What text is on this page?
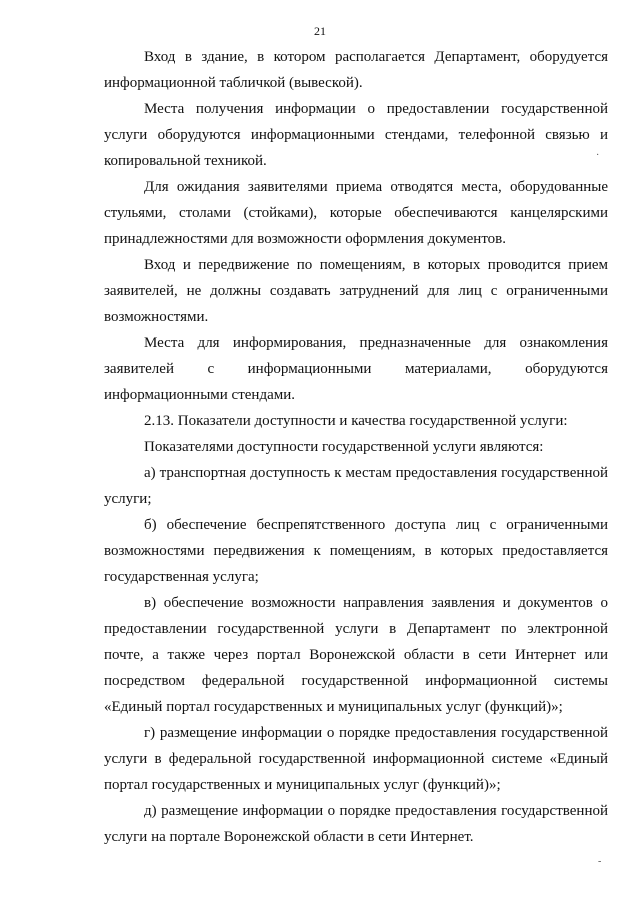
21

Вход в здание, в котором располагается Департамент, оборудуется информационной табличкой (вывеской).

Места получения информации о предоставлении государственной услуги оборудуются информационными стендами, телефонной связью и копировальной техникой.

Для ожидания заявителями приема отводятся места, оборудованные стульями, столами (стойками), которые обеспечиваются канцелярскими принадлежностями для возможности оформления документов.

Вход и передвижение по помещениям, в которых проводится прием заявителей, не должны создавать затруднений для лиц с ограниченными возможностями.

Места для информирования, предназначенные для ознакомления заявителей с информационными материалами, оборудуются информационными стендами.

2.13. Показатели доступности и качества государственной услуги:

Показателями доступности государственной услуги являются:

а) транспортная доступность к местам предоставления государственной услуги;

б) обеспечение беспрепятственного доступа лиц с ограниченными возможностями передвижения к помещениям, в которых предоставляется государственная услуга;

в) обеспечение возможности направления заявления и документов о предоставлении государственной услуги в Департамент по электронной почте, а также через портал Воронежской области в сети Интернет или посредством федеральной государственной информационной системы «Единый портал государственных и муниципальных услуг (функций)»;

г) размещение информации о порядке предоставления государственной услуги в федеральной государственной информационной системе «Единый портал государственных и муниципальных услуг (функций)»;

д) размещение информации о порядке предоставления государственной услуги на портале Воронежской области в сети Интернет.

·
-
